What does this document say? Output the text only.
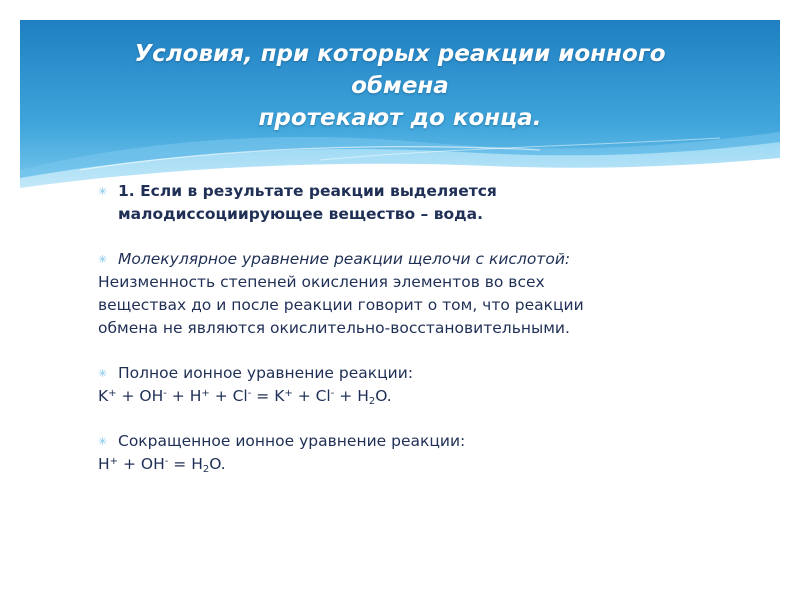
Условия, при которых реакции ионного
обмена
протекают до конца.
✳ 1. Если в результате реакции выделяется
малодиссоциирующее вещество – вода.
✳ Молекулярное уравнение реакции щелочи с кислотой:
Неизменность степеней окисления элементов во всех
веществах до и после реакции говорит о том, что реакции
обмена не являются окислительно-восстановительными.
✳ Полное ионное уравнение реакции:
$K^+ + OH^- + H^+ + Cl^- = K^+ + Cl^- + H_2O$.
✳ Сокращенное ионное уравнение реакции:
$H^+ + OH^- = H_2O$.
